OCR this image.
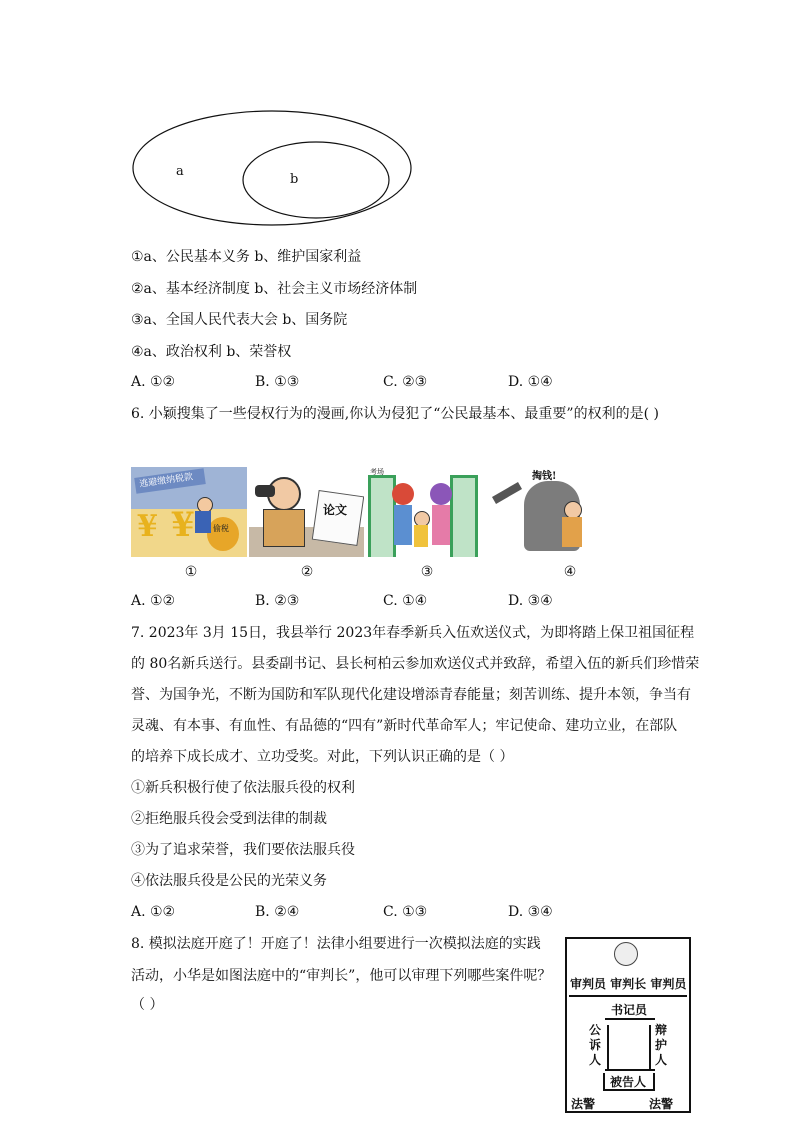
a
b
①a、公民基本义务 b、维护国家利益
②a、基本经济制度 b、社会主义市场经济体制
③a、全国人民代表大会 b、国务院
④a、政治权利 b、荣誉权
A. ①②	B. ①③	C. ②③	D. ①④
6. 小颖搜集了一些侵权行为的漫画,你认为侵犯了“公民最基本、最重要”的权利的是( )
逃避缴纳税款
¥ ¥ 偷税
①
论文
②
考场
③
掏钱!
④
A. ①②	B. ②③	C. ①④	D. ③④
7. 2023年 3月 15日，我县举行 2023年春季新兵入伍欢送仪式，为即将踏上保卫祖国征程
的 80名新兵送行。县委副书记、县长柯柏云参加欢送仪式并致辞，希望入伍的新兵们珍惜荣
誉、为国争光，不断为国防和军队现代化建设增添青春能量；刻苦训练、提升本领，争当有
灵魂、有本事、有血性、有品德的“四有”新时代革命军人；牢记使命、建功立业，在部队
的培养下成长成才、立功受奖。对此，下列认识正确的是（ ）
①新兵积极行使了依法服兵役的权利
②拒绝服兵役会受到法律的制裁
③为了追求荣誉，我们要依法服兵役
④依法服兵役是公民的光荣义务
A. ①②	B. ②④	C. ①③	D. ③④
8. 模拟法庭开庭了！开庭了！法律小组要进行一次模拟法庭的实践
活动，小华是如图法庭中的“审判长”，他可以审理下列哪些案件呢？
（ ）
审判员 审判长 审判员
书记员
公诉人
辩护人
被告人
法警	法警
